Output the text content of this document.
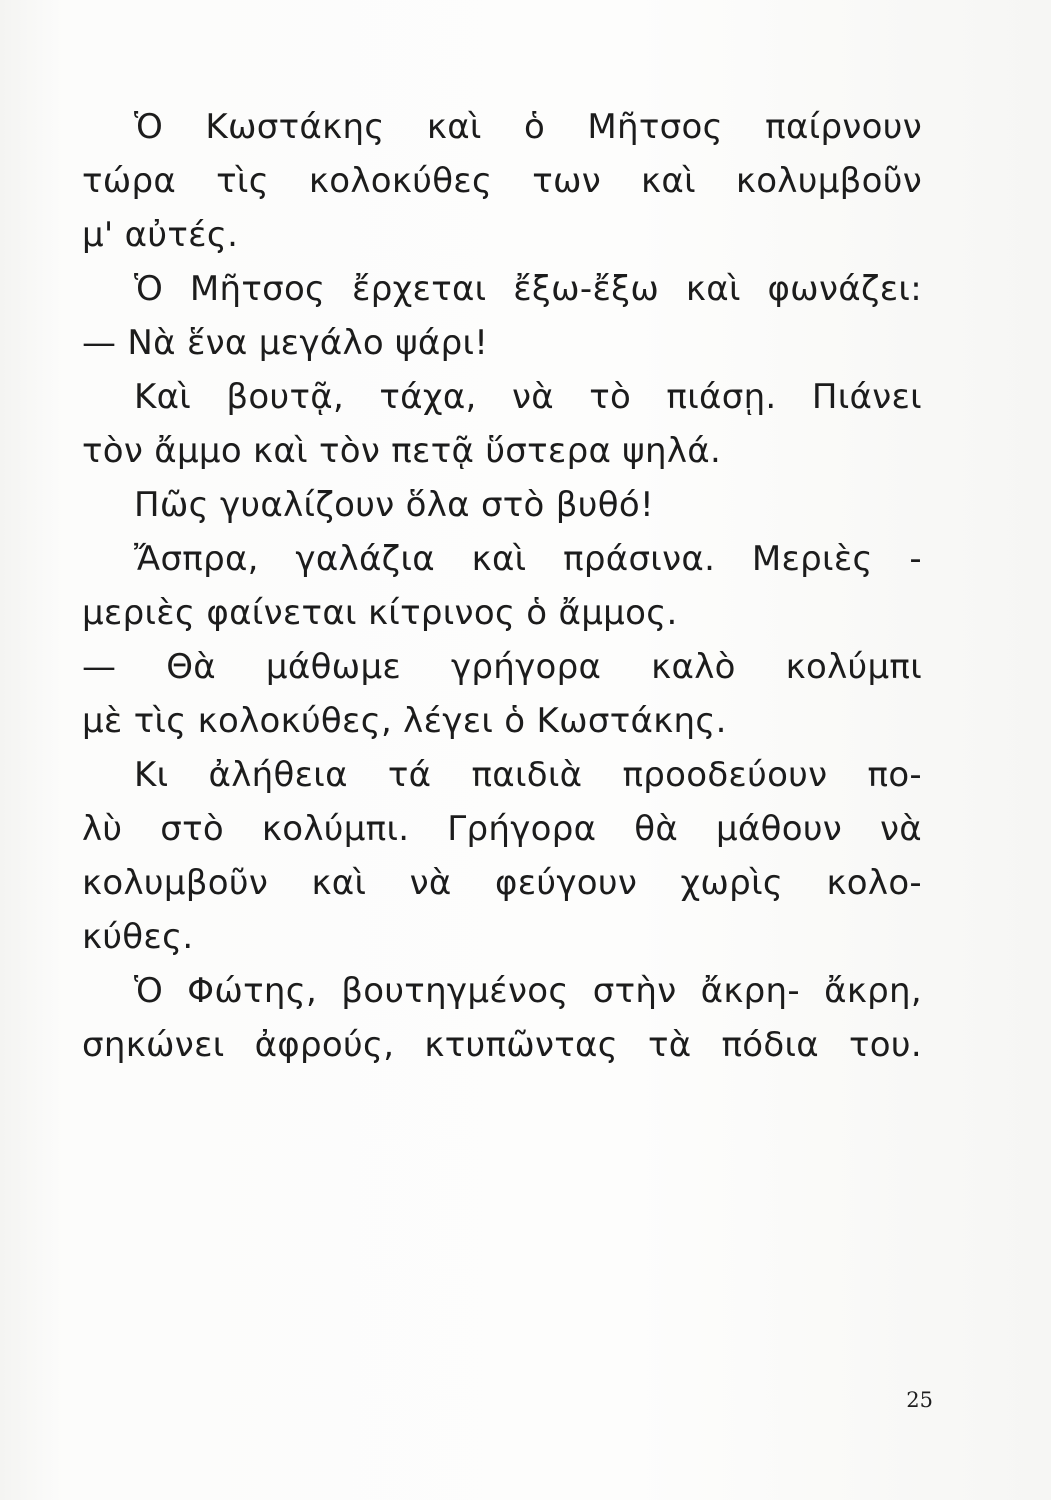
Ὁ Κωστάκης καὶ ὁ Μῆτσος παίρνουν
τώρα τὶς κολοκύθες των καὶ κολυμβοῦν
μ' αὐτές.
Ὁ Μῆτσος ἔρχεται ἔξω-ἔξω καὶ φωνάζει:
— Νὰ ἕνα μεγάλο ψάρι!
Καὶ βουτᾷ, τάχα, νὰ τὸ πιάσῃ. Πιάνει
τὸν ἄμμο καὶ τὸν πετᾷ ὕστερα ψηλά.
Πῶς γυαλίζουν ὅλα στὸ βυθό!
Ἄσπρα, γαλάζια καὶ πράσινα. Μεριὲς -
μεριὲς φαίνεται κίτρινος ὁ ἄμμος.
— Θὰ μάθωμε γρήγορα καλὸ κολύμπι
μὲ τὶς κολοκύθες, λέγει ὁ Κωστάκης.
Κι ἀλήθεια τά παιδιὰ προοδεύουν πο-
λὺ στὸ κολύμπι. Γρήγορα θὰ μάθουν νὰ
κολυμβοῦν καὶ νὰ φεύγουν χωρὶς κολο-
κύθες.
Ὁ Φώτης, βουτηγμένος στὴν ἄκρη- ἄκρη,
σηκώνει ἀφρούς, κτυπῶντας τὰ πόδια του.
25
